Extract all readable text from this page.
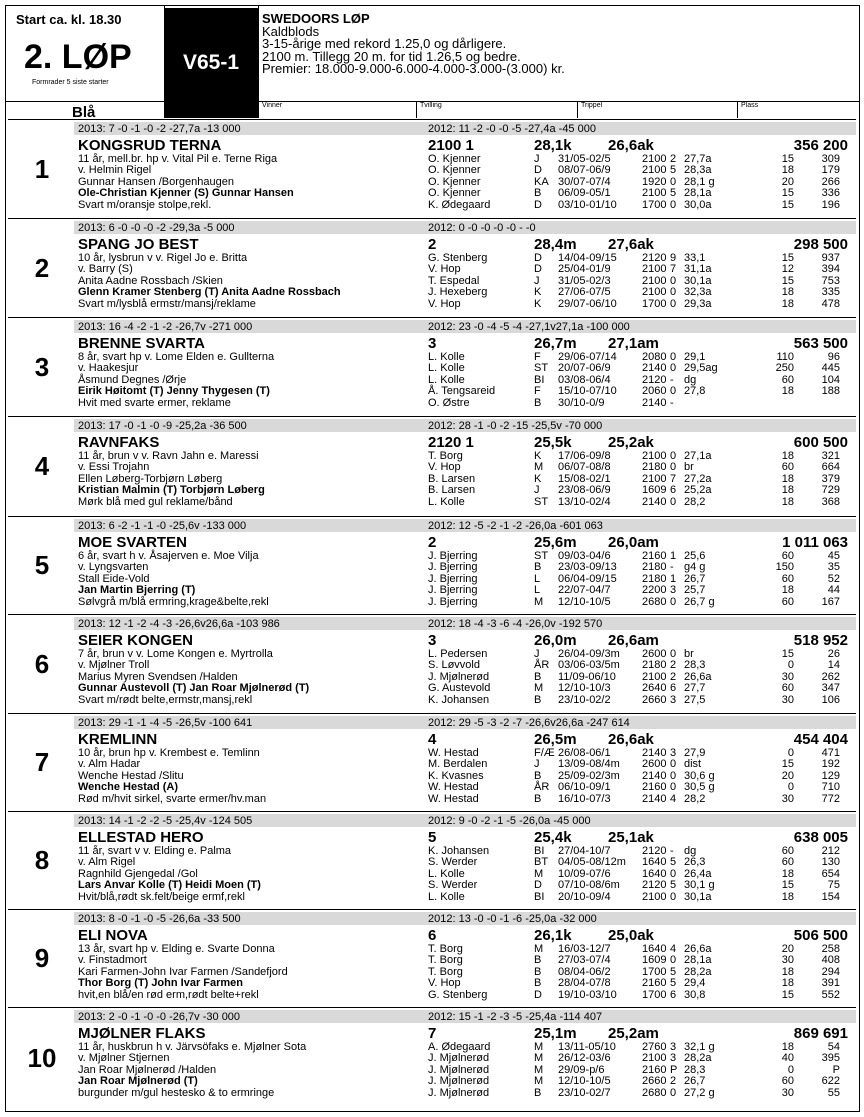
Start ca. kl. 18.30
2. LØP
Formrader 5 siste starter
V65-1
SWEDOORS LØP
Kaldblods
3-15-årige med rekord 1.25,0 og dårligere.
2100 m. Tillegg 20 m. for tid 1.26,5 og bedre.
Premier: 18.000-9.000-6.000-4.000-3.000-(3.000) kr.
Blå	Vinner	Tvilling	Trippel	Plass
2013: 7 -0 -1 -0 -2 -27,7a -13 000	2012: 11 -2 -0 -0 -5 -27,4a -45 000
1
KONGSRUD TERNA	2100 1	28,1k 26,6ak	356 200
11 år, mell.br. hp v. Vital Pil e. Terne Riga
v. Helmin Rigel
Gunnar Hansen /Borgenhaugen
Ole-Christian Kjenner (S) Gunnar Hansen
Svart m/oransje stolpe,rekl.
O. Kjenner	J 31/05-02/5	2100 2 27,7a	15	309
O. Kjenner	D 08/07-06/9	2100 5 28,3a	18	179
O. Kjenner	KA 30/07-07/4	1920 0 28,1 g	20	266
O. Kjenner	B 06/09-05/1	2100 5 28,1a	15	336
K. Ødegaard	D 03/10-01/10 1700 0 30,0a	15	196
2013: 6 -0 -0 -0 -2 -29,3a -5 000	2012: 0 -0 -0 -0 -0 - -0
2
SPANG JO BEST	2	28,4m 27,6ak	298 500
10 år, lysbrun v v. Rigel Jo e. Britta
v. Barry (S)
Anita Aadne Rossbach /Skien
Glenn Kramer Stenberg (T) Anita Aadne Rossbach
Svart m/lysblå ermstr/mansj/reklame
G. Stenberg	D 14/04-09/15 2120 9 33,1	15	937
V. Hop	D 25/04-01/9	2100 7 31,1a	12	394
T. Espedal	J 31/05-02/3	2100 0 30,1a	15	753
J. Hexeberg	K 27/06-07/5	2100 0 32,3a	18	335
V. Hop	K 29/07-06/10 1700 0 29,3a	18	478
2013: 16 -4 -2 -1 -2 -26,7v -271 000	2012: 23 -0 -4 -5 -4 -27,1v27,1a -100 000
3
BRENNE SVARTA	3	26,7m 27,1am	563 500
8 år, svart hp v. Lome Elden e. Gullterna
v. Haakesjur
Åsmund Degnes /Ørje
Eirik Høitomt (T) Jenny Thygesen (T)
Hvit med svarte ermer, reklame
L. Kolle	F 29/06-07/14 2080 0 29,1	110	96
L. Kolle	ST 20/07-06/9	2140 0 29,5ag	250	445
L. Kolle	BI 03/08-06/4	2120 - dg	60	104
Å. Tengsareid	F 15/10-07/10 2060 0 27,8	18	188
O. Østre	B 30/10-0/9	2140 -
2013: 17 -0 -1 -0 -9 -25,2a -36 500	2012: 28 -1 -0 -2 -15 -25,5v -70 000
4
RAVNFAKS	2120 1	25,5k 25,2ak	600 500
11 år, brun v v. Ravn Jahn e. Maressi
v. Essi Trojahn
Ellen Løberg-Torbjørn Løberg
Kristian Malmin (T) Torbjørn Løberg
Mørk blå med gul reklame/bånd
T. Borg	K 17/06-09/8	2100 0 27,1a	18	321
V. Hop	M 06/07-08/8	2180 0 br	60	664
B. Larsen	K 15/08-02/1	2100 7 27,2a	18	379
B. Larsen	J 23/08-06/9	1609 6 25,2a	18	729
L. Kolle	ST 13/10-02/4	2140 0 28,2	18	368
2013: 6 -2 -1 -1 -0 -25,6v -133 000	2012: 12 -5 -2 -1 -2 -26,0a -601 063
5
MOE SVARTEN	2	25,6m 26,0am	1 011 063
6 år, svart h v. Åsajerven e. Moe Vilja
v. Lyngsvarten
Stall Eide-Vold
Jan Martin Bjerring (T)
Sølvgrå m/blå ermring,krage&belte,rekl
J. Bjerring	ST 09/03-04/6	2160 1 25,6	60	45
J. Bjerring	B 23/03-09/13 2180 - g4 g	150	35
J. Bjerring	L 06/04-09/15 2180 1 26,7	60	52
J. Bjerring	L 22/07-04/7	2200 3 25,7	18	44
J. Bjerring	M 12/10-10/5	2680 0 26,7 g	60	167
2013: 12 -1 -2 -4 -3 -26,6v26,6a -103 986	2012: 18 -4 -3 -6 -4 -26,0v -192 570
6
SEIER KONGEN	3	26,0m 26,6am	518 952
7 år, brun v v. Lome Kongen e. Myrtrolla
v. Mjølner Troll
Marius Myren Svendsen /Halden
Gunnar Austevoll (T) Jan Roar Mjølnerød (T)
Svart m/rødt belte,ermstr,mansj,rekl
L. Pedersen	J 26/04-09/3m 2600 0 br	15	26
S. Løvvold	ÅR 03/06-03/5m 2180 2 28,3	0	14
J. Mjølnerød	B 11/09-06/10 2100 2 26,6a	30	262
G. Austevold	M 12/10-10/3	2640 6 27,7	60	347
K. Johansen	B 23/10-02/2	2660 3 27,5	30	106
2013: 29 -1 -1 -4 -5 -26,5v -100 641	2012: 29 -5 -3 -2 -7 -26,6v26,6a -247 614
7
KREMLINN	4	26,5m 26,6ak	454 404
10 år, brun hp v. Krembest e. Temlinn
v. Alm Hadar
Wenche Hestad /Slitu
Wenche Hestad (A)
Rød m/hvit sirkel, svarte ermer/hv.man
W. Hestad	F/Æ 26/08-06/1	2140 3 27,9	0	471
M. Berdalen	J 13/09-08/4m 2600 0 dist	15	192
K. Kvasnes	B 25/09-02/3m 2140 0 30,6 g	20	129
W. Hestad	ÅR 06/10-09/1	2160 0 30,5 g	0	710
W. Hestad	B 16/10-07/3	2140 4 28,2	30	772
2013: 14 -1 -2 -2 -5 -25,4v -124 505	2012: 9 -0 -2 -1 -5 -26,0a -45 000
8
ELLESTAD HERO	5	25,4k 25,1ak	638 005
11 år, svart v v. Elding e. Palma
v. Alm Rigel
Ragnhild Gjengedal /Gol
Lars Anvar Kolle (T) Heidi Moen (T)
Hvit/blå,rødt sk.felt/beige ermf,rekl
K. Johansen	BI 27/04-10/7	2120 - dg	60	212
S. Werder	BT 04/05-08/12m 1640 5 26,3	60	130
L. Kolle	M 10/09-07/6	1640 0 26,4a	18	654
S. Werder	D 07/10-08/6m 2120 5 30,1 g	15	75
L. Kolle	BI 20/10-09/4	2100 0 30,1a	18	154
2013: 8 -0 -1 -0 -5 -26,6a -33 500	2012: 13 -0 -0 -1 -6 -25,0a -32 000
9
ELI NOVA	6	26,1k 25,0ak	506 500
13 år, svart hp v. Elding e. Svarte Donna
v. Finstadmort
Kari Farmen-John Ivar Farmen /Sandefjord
Thor Borg (T) John Ivar Farmen
hvit,en blå/en rød erm,rødt belte+rekl
T. Borg	M 16/03-12/7	1640 4 26,6a	20	258
T. Borg	B 27/03-07/4	1609 0 28,1a	30	408
T. Borg	B 08/04-06/2	1700 5 28,2a	18	294
V. Hop	B 28/04-07/8	2160 5 29,4	18	391
G. Stenberg	D 19/10-03/10 1700 6 30,8	15	552
2013: 2 -0 -1 -0 -0 -26,7v -30 000	2012: 15 -1 -2 -3 -5 -25,4a -114 407
10
MJØLNER FLAKS	7	25,1m 25,2am	869 691
11 år, huskbrun h v. Järvsöfaks e. Mjølner Sota
v. Mjølner Stjernen
Jan Roar Mjølnerød /Halden
Jan Roar Mjølnerød (T)
burgunder m/gul hestesko & to ermringe
A. Ødegaard	M 13/11-05/10 2760 3 32,1 g	18	54
J. Mjølnerød	M 26/12-03/6	2100 3 28,2a	40	395
J. Mjølnerød	M 29/09-p/6	2160 P 28,3	0	P
J. Mjølnerød	M 12/10-10/5	2660 2 26,7	60	622
J. Mjølnerød	B 23/10-02/7	2680 0 27,2 g	30	55
